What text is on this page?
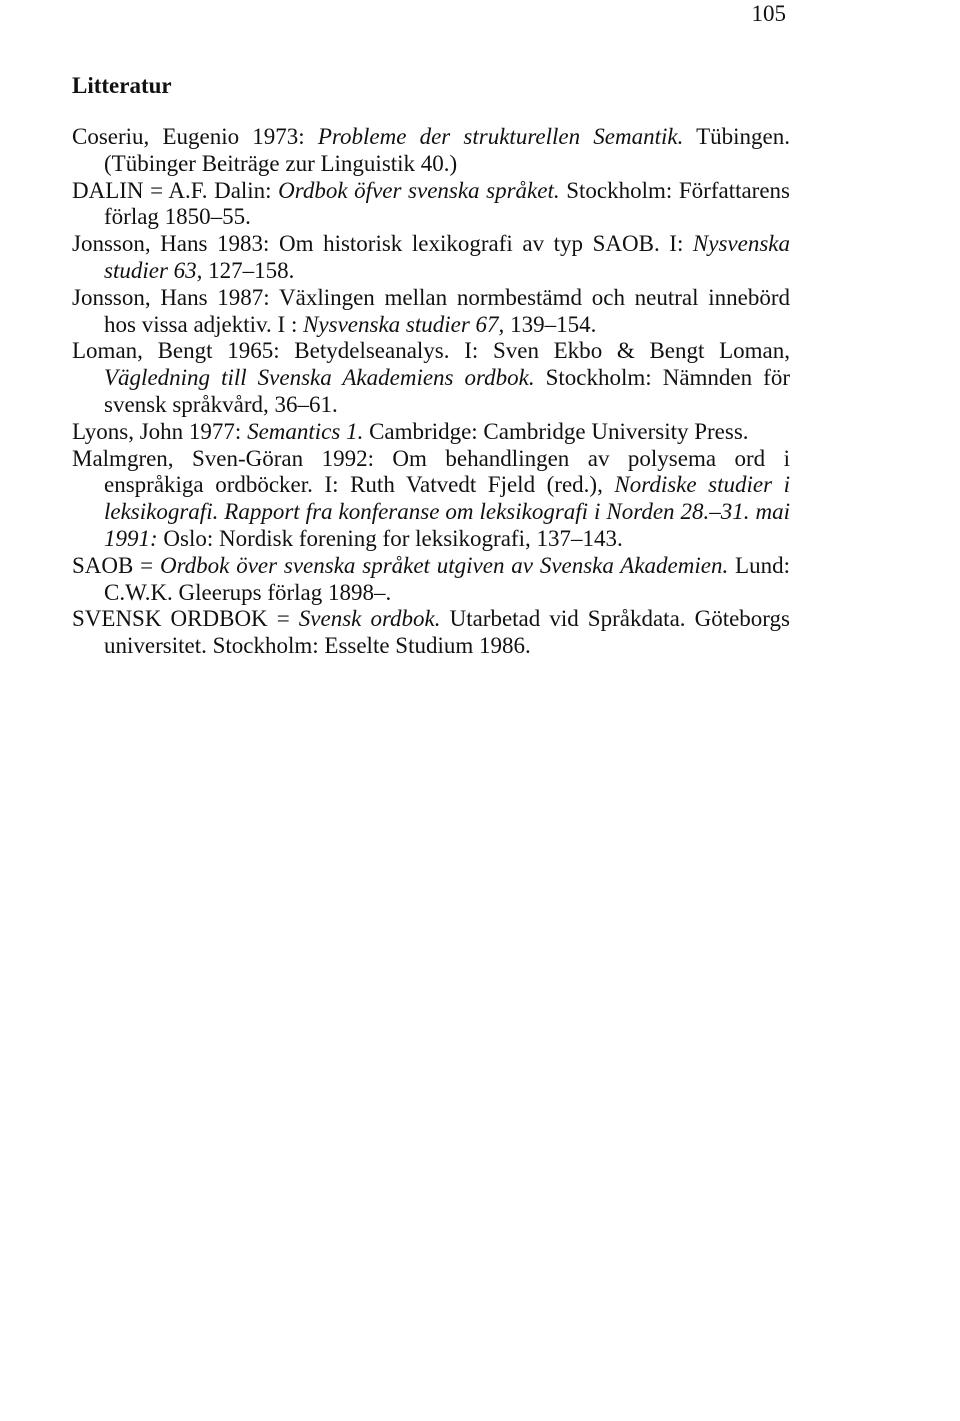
105
Litteratur
Coseriu, Eugenio 1973: Probleme der strukturellen Semantik. Tübingen. (Tübinger Beiträge zur Linguistik 40.)
DALIN = A.F. Dalin: Ordbok öfver svenska språket. Stockholm: Författarens förlag 1850–55.
Jonsson, Hans 1983: Om historisk lexikografi av typ SAOB. I: Nysvenska studier 63, 127–158.
Jonsson, Hans 1987: Växlingen mellan normbestämd och neutral innebörd hos vissa adjektiv. I : Nysvenska studier 67, 139–154.
Loman, Bengt 1965: Betydelseanalys. I: Sven Ekbo & Bengt Loman, Vägledning till Svenska Akademiens ordbok. Stockholm: Nämnden för svensk språkvård, 36–61.
Lyons, John 1977: Semantics 1. Cambridge: Cambridge University Press.
Malmgren, Sven-Göran 1992: Om behandlingen av polysema ord i enspråkiga ordböcker. I: Ruth Vatvedt Fjeld (red.), Nordiske studier i leksikografi. Rapport fra konferanse om leksikografi i Norden 28.–31. mai 1991: Oslo: Nordisk forening for leksikografi, 137–143.
SAOB = Ordbok över svenska språket utgiven av Svenska Akademien. Lund: C.W.K. Gleerups förlag 1898–.
SVENSK ORDBOK = Svensk ordbok. Utarbetad vid Språkdata. Göteborgs universitet. Stockholm: Esselte Studium 1986.
